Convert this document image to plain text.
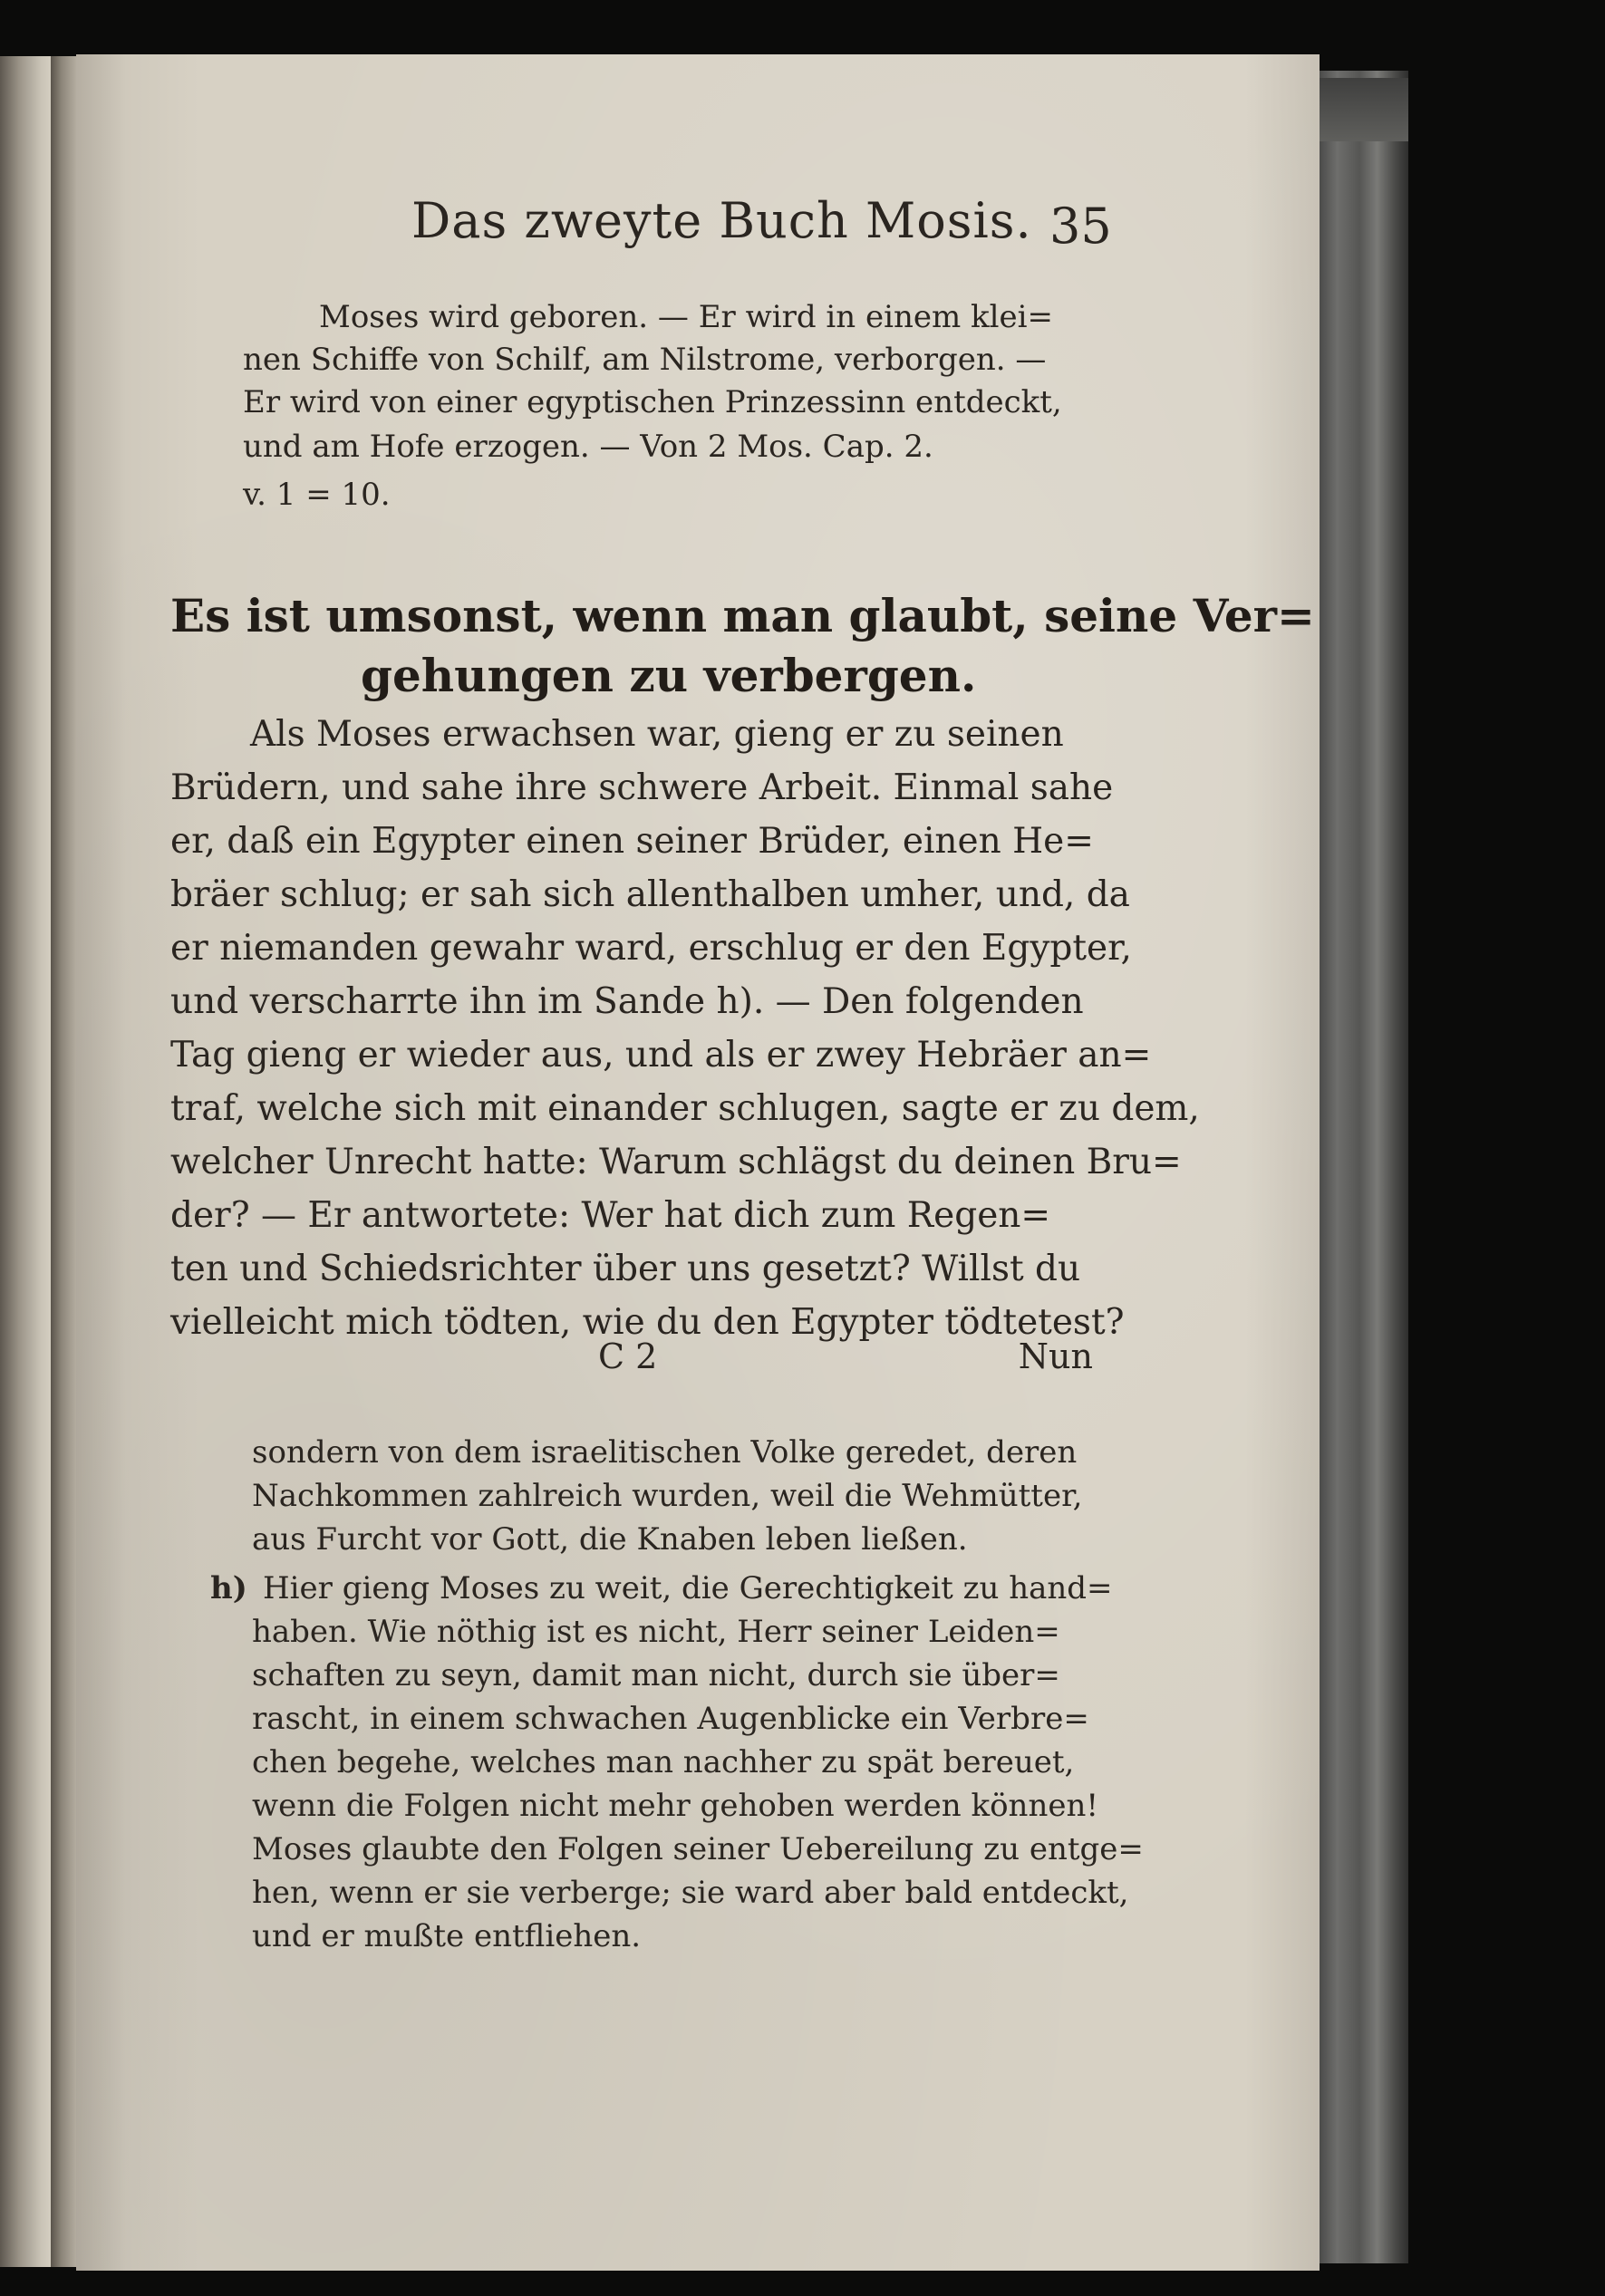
Das zweyte Buch Mosis. 35

Moses wird geboren. — Er wird in einem klei=

nen Schiffe von Schilf, am Nilstrome, verborgen. —

Er wird von einer egyptischen Prinzessinn entdeckt,

und am Hofe erzogen. — Von 2 Mos. Cap. 2.

v. 1 = 10.

Es ist umsonst, wenn man glaubt, seine Ver=

gehungen zu verbergen.

Als Moses erwachsen war, gieng er zu seinen

Brüdern, und sahe ihre schwere Arbeit. Einmal sahe

er, daß ein Egypter einen seiner Brüder, einen He=

bräer schlug; er sah sich allenthalben umher, und, da

er niemanden gewahr ward, erschlug er den Egypter,

und verscharrte ihn im Sande h). — Den folgenden

Tag gieng er wieder aus, und als er zwey Hebräer an=

traf, welche sich mit einander schlugen, sagte er zu dem,

welcher Unrecht hatte: Warum schlägst du deinen Bru=

der? — Er antwortete: Wer hat dich zum Regen=

ten und Schiedsrichter über uns gesetzt? Willst du

vielleicht mich tödten, wie du den Egypter tödtetest?

C 2	Nun

sondern von dem israelitischen Volke geredet, deren

Nachkommen zahlreich wurden, weil die Wehmütter,

aus Furcht vor Gott, die Knaben leben ließen.

h) Hier gieng Moses zu weit, die Gerechtigkeit zu hand=

haben. Wie nöthig ist es nicht, Herr seiner Leiden=

schaften zu seyn, damit man nicht, durch sie über=

rascht, in einem schwachen Augenblicke ein Verbre=

chen begehe, welches man nachher zu spät bereuet,

wenn die Folgen nicht mehr gehoben werden können!

Moses glaubte den Folgen seiner Uebereilung zu entge=

hen, wenn er sie verberge; sie ward aber bald entdeckt,

und er mußte entfliehen.
